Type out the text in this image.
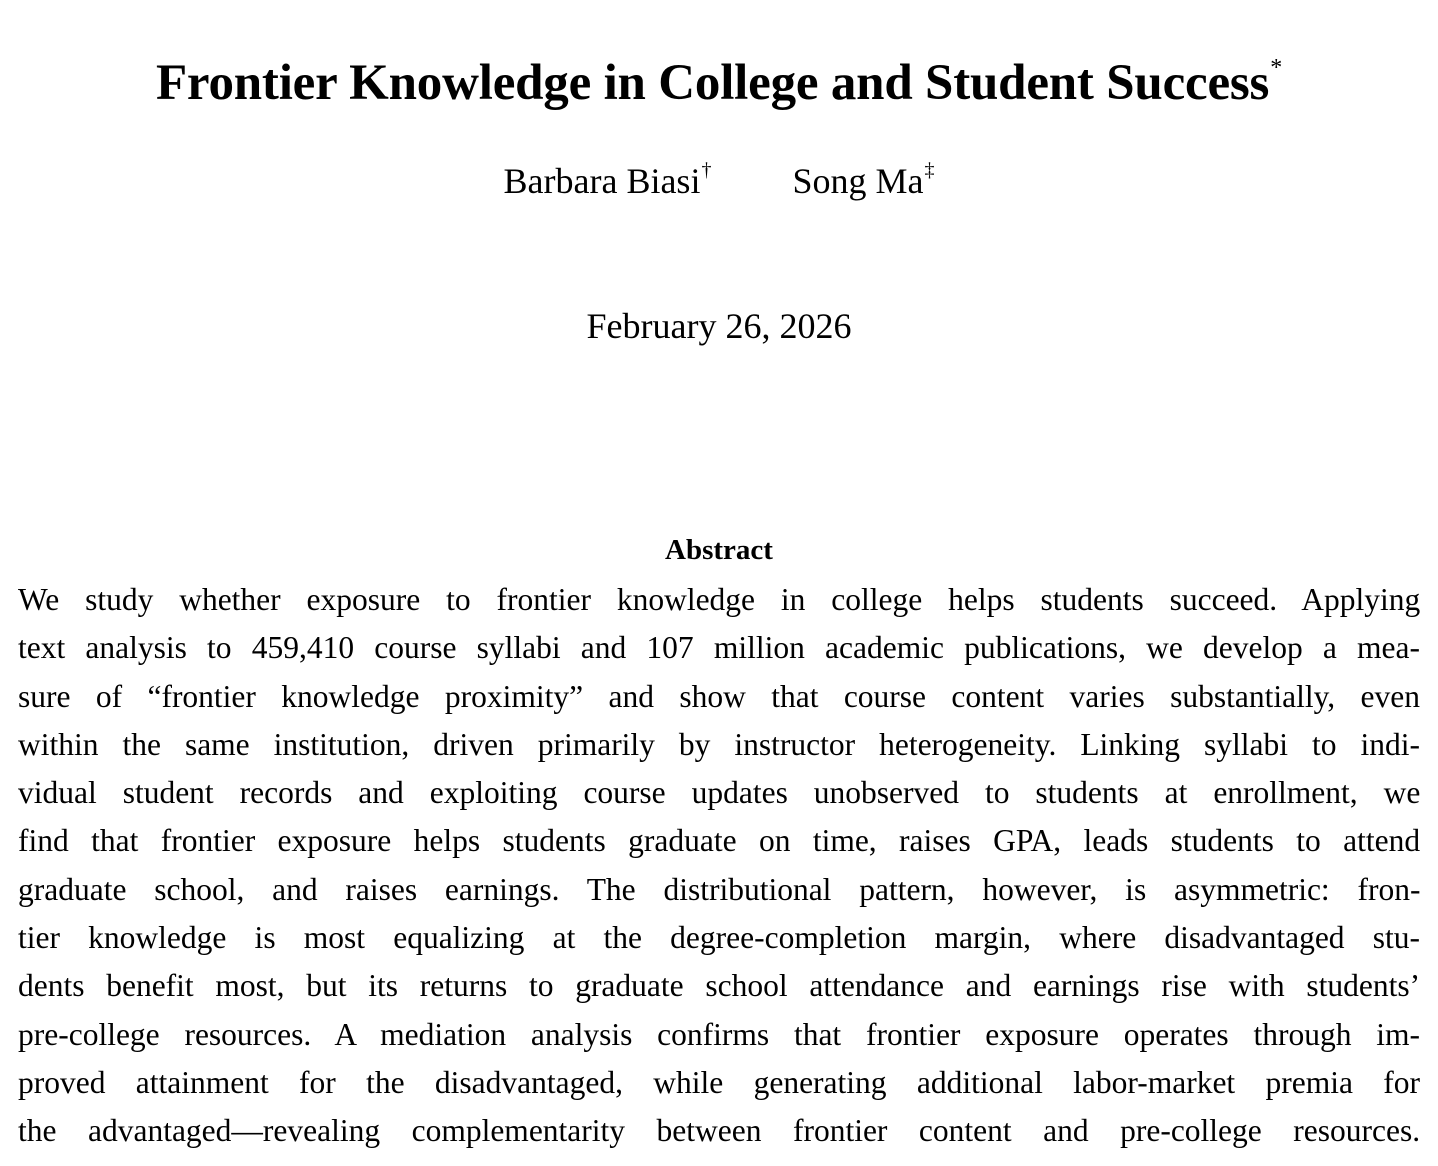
Frontier Knowledge in College and Student Success*
Barbara Biasi† Song Ma‡
February 26, 2026
Abstract
We study whether exposure to frontier knowledge in college helps students succeed. Applying
text analysis to 459,410 course syllabi and 107 million academic publications, we develop a mea-
sure of “frontier knowledge proximity” and show that course content varies substantially, even
within the same institution, driven primarily by instructor heterogeneity. Linking syllabi to indi-
vidual student records and exploiting course updates unobserved to students at enrollment, we
find that frontier exposure helps students graduate on time, raises GPA, leads students to attend
graduate school, and raises earnings. The distributional pattern, however, is asymmetric: fron-
tier knowledge is most equalizing at the degree-completion margin, where disadvantaged stu-
dents benefit most, but its returns to graduate school attendance and earnings rise with students’
pre-college resources. A mediation analysis confirms that frontier exposure operates through im-
proved attainment for the disadvantaged, while generating additional labor-market premia for
the advantaged—revealing complementarity between frontier content and pre-college resources.
